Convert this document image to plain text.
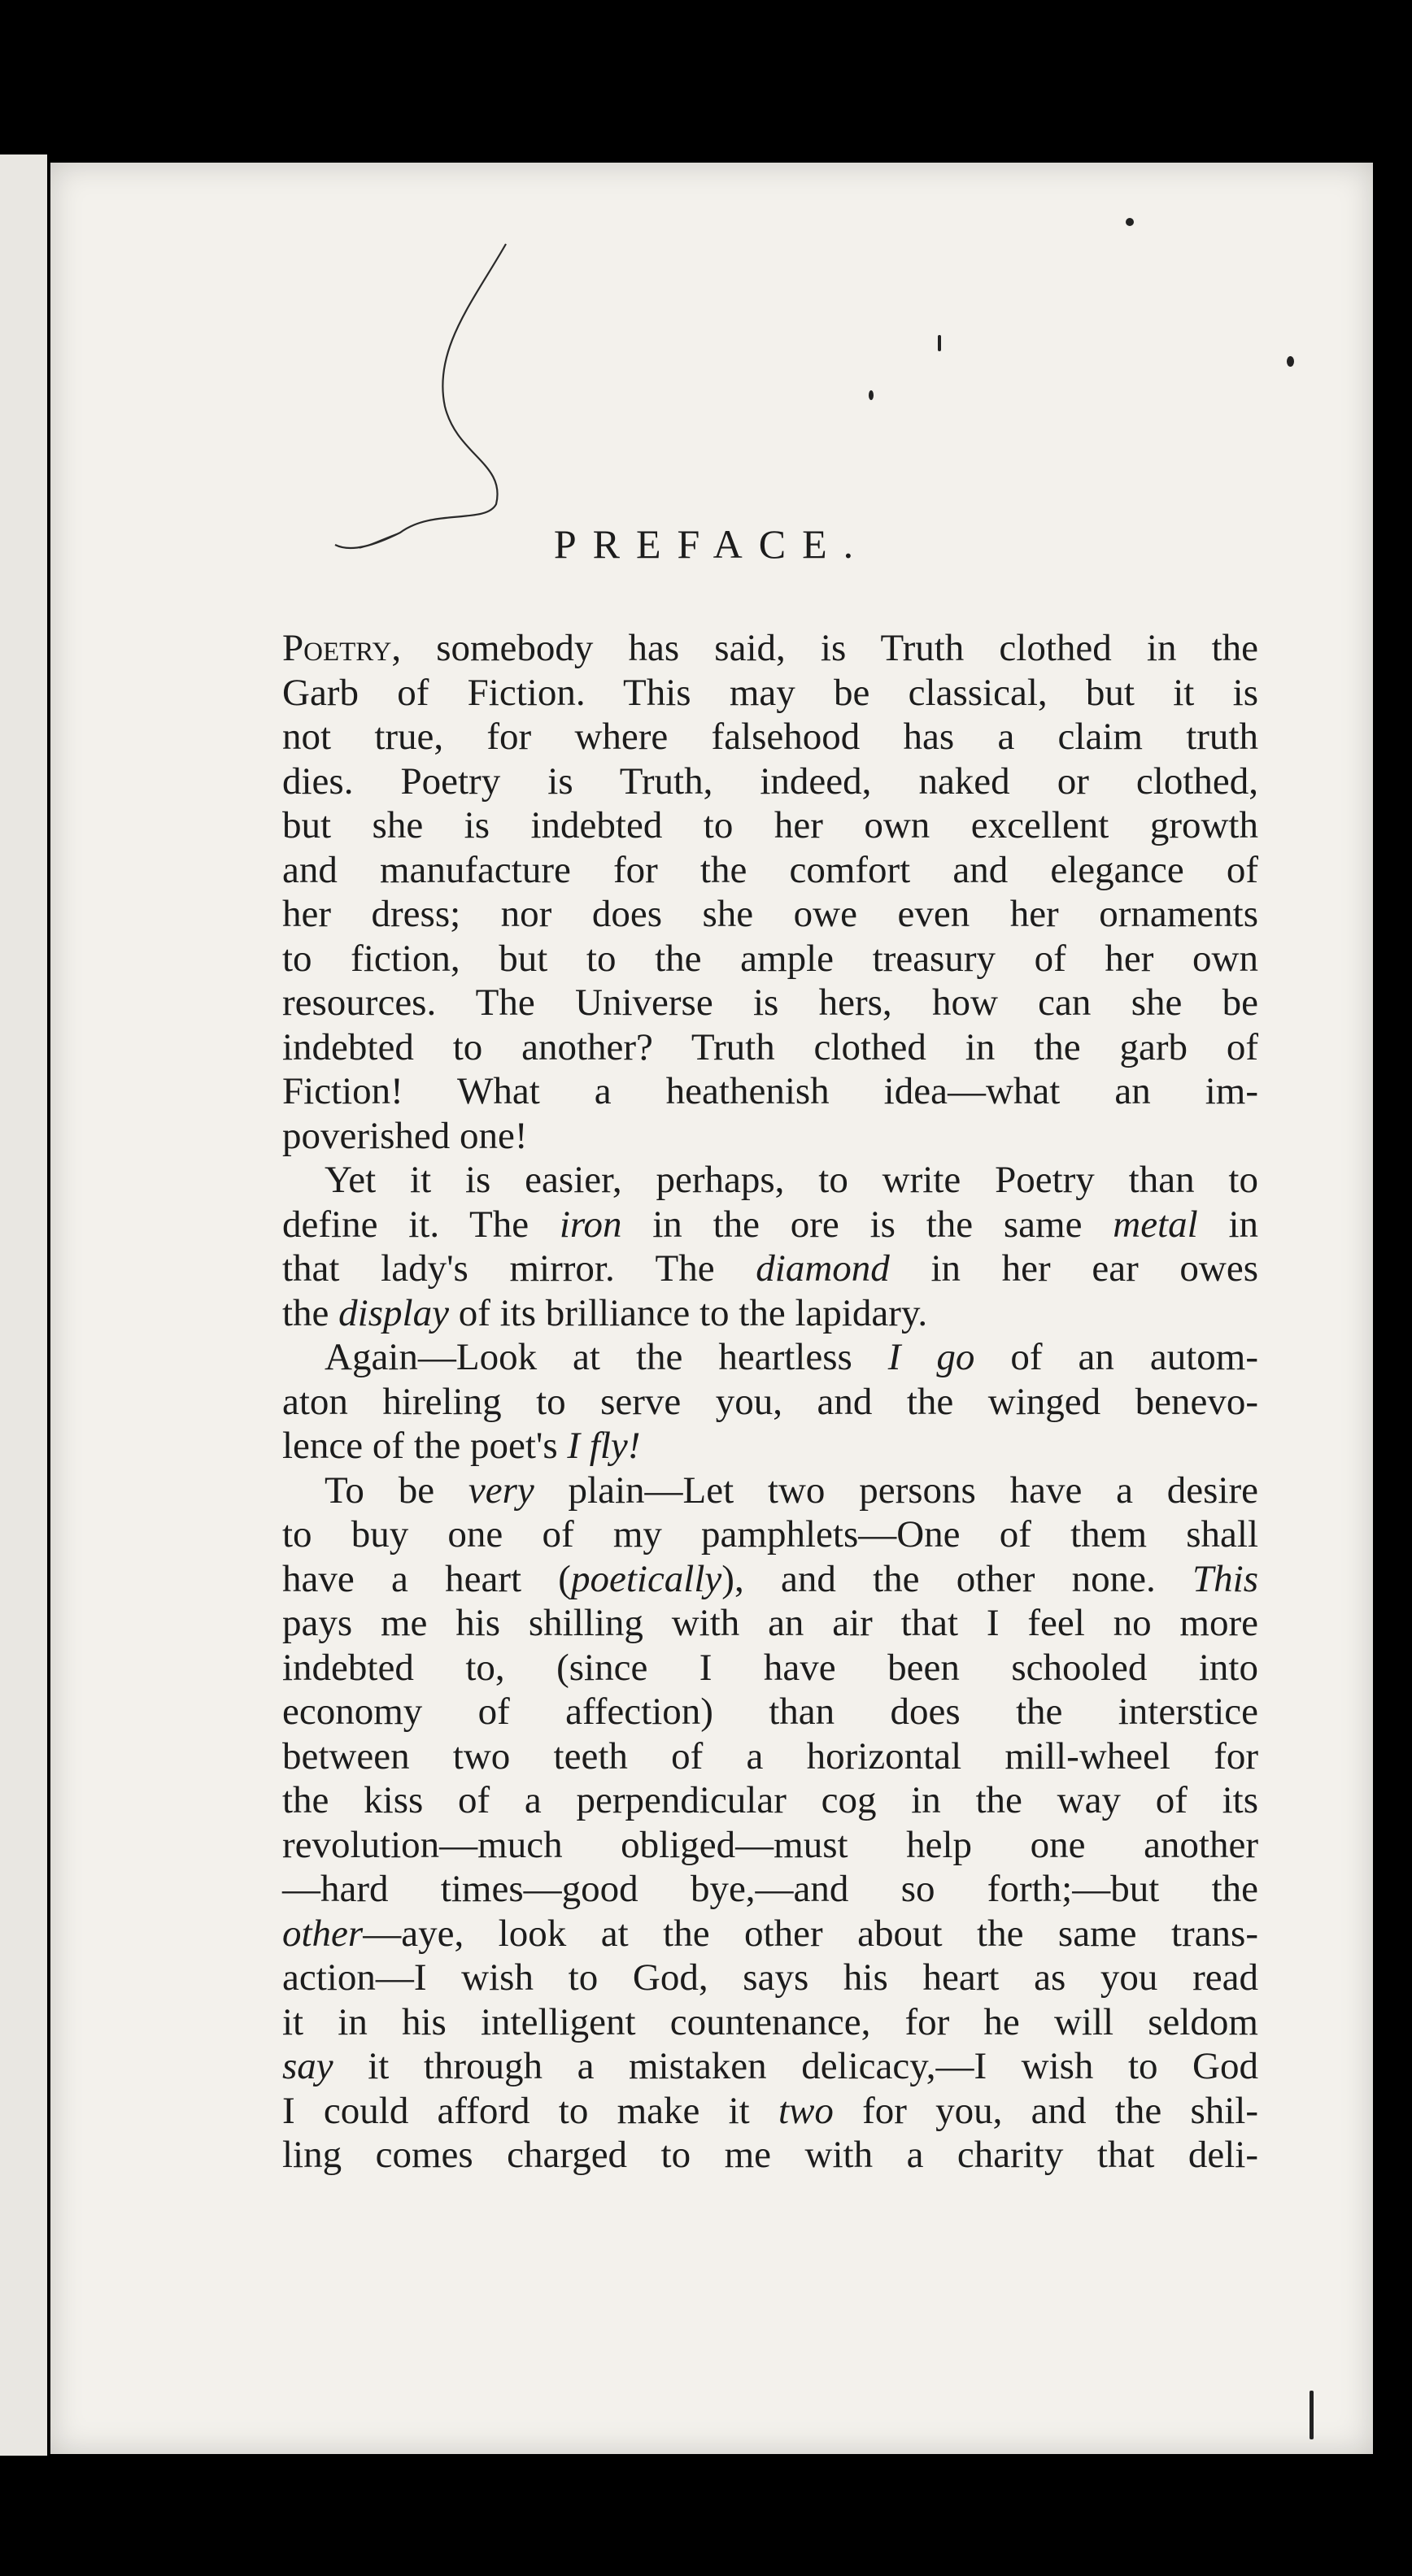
PREFACE.
Poetry, somebody has said, is Truth clothed in the
Garb of Fiction. This may be classical, but it is
not true, for where falsehood has a claim truth
dies. Poetry is Truth, indeed, naked or clothed,
but she is indebted to her own excellent growth
and manufacture for the comfort and elegance of
her dress; nor does she owe even her ornaments
to fiction, but to the ample treasury of her own
resources. The Universe is hers, how can she be
indebted to another? Truth clothed in the garb of
Fiction! What a heathenish idea—what an im-
poverished one!
Yet it is easier, perhaps, to write Poetry than to
define it. The iron in the ore is the same metal in
that lady's mirror. The diamond in her ear owes
the display of its brilliance to the lapidary.
Again—Look at the heartless I go of an autom-
aton hireling to serve you, and the winged benevo-
lence of the poet's I fly!
To be very plain—Let two persons have a desire
to buy one of my pamphlets—One of them shall
have a heart (poetically), and the other none. This
pays me his shilling with an air that I feel no more
indebted to, (since I have been schooled into
economy of affection) than does the interstice
between two teeth of a horizontal mill-wheel for
the kiss of a perpendicular cog in the way of its
revolution—much obliged—must help one another
—hard times—good bye,—and so forth;—but the
other—aye, look at the other about the same trans-
action—I wish to God, says his heart as you read
it in his intelligent countenance, for he will seldom
say it through a mistaken delicacy,—I wish to God
I could afford to make it two for you, and the shil-
ling comes charged to me with a charity that deli-
